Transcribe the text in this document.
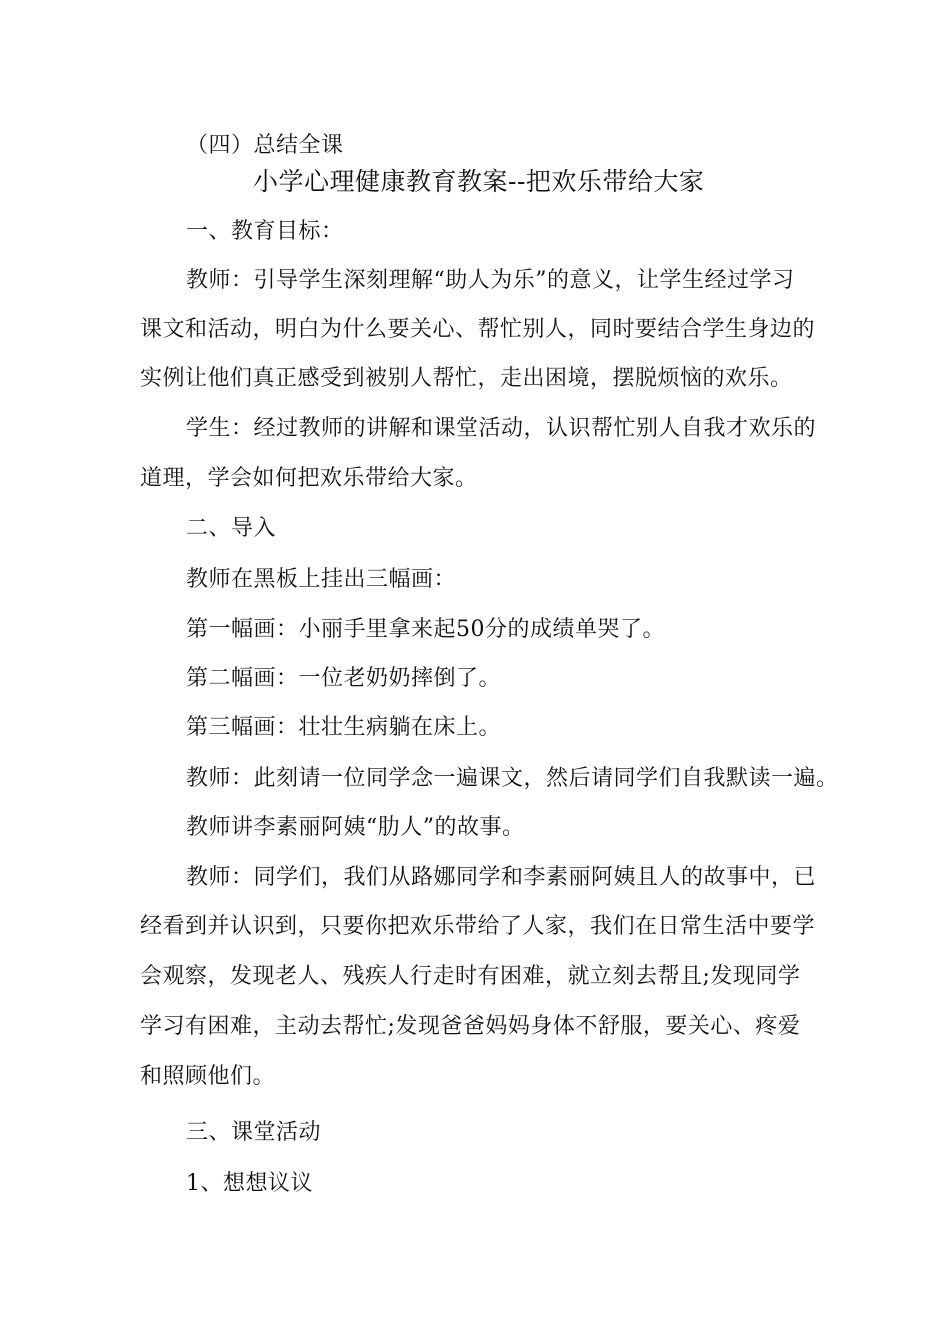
（四）总结全课
小学心理健康教育教案--把欢乐带给大家
一、教育目标：
教师：引导学生深刻理解“助人为乐”的意义，让学生经过学习
课文和活动，明白为什么要关心、帮忙别人，同时要结合学生身边的
实例让他们真正感受到被别人帮忙，走出困境，摆脱烦恼的欢乐。
学生：经过教师的讲解和课堂活动，认识帮忙别人自我才欢乐的
道理，学会如何把欢乐带给大家。
二、导入
教师在黑板上挂出三幅画：
第一幅画：小丽手里拿来起50分的成绩单哭了。
第二幅画：一位老奶奶摔倒了。
第三幅画：壮壮生病躺在床上。
教师：此刻请一位同学念一遍课文，然后请同学们自我默读一遍。
教师讲李素丽阿姨“肋人”的故事。
教师：同学们，我们从路娜同学和李素丽阿姨且人的故事中，已
经看到并认识到，只要你把欢乐带给了人家，我们在日常生活中要学
会观察，发现老人、残疾人行走时有困难，就立刻去帮且;发现同学
学习有困难，主动去帮忙;发现爸爸妈妈身体不舒服，要关心、疼爱
和照顾他们。
三、课堂活动
1、想想议议
